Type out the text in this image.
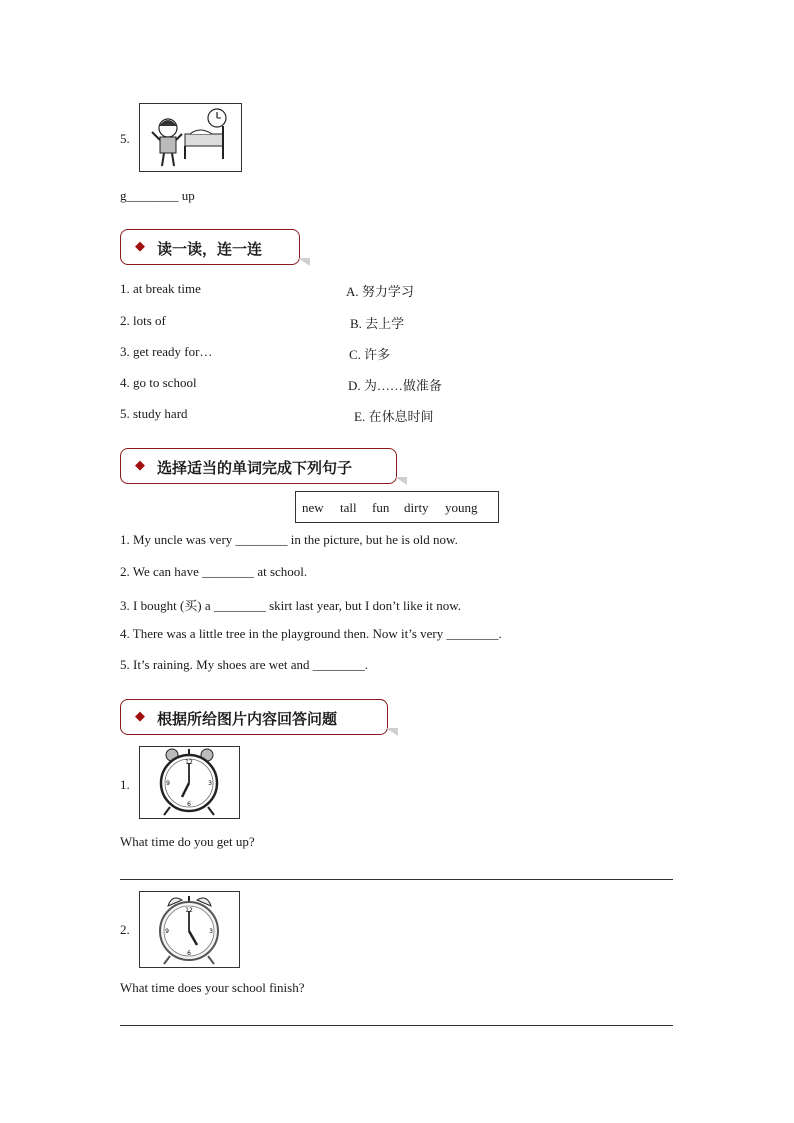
5.
g________ up
◆ 读一读，连一连
1. at break time
2. lots of
3. get ready for…
4. go to school
5. study hard
A. 努力学习
B. 去上学
C. 许多
D. 为……做准备
E. 在休息时间
◆ 选择适当的单词完成下列句子
new tall fun dirty young
1. My uncle was very ________ in the picture, but he is old now.
2. We can have ________ at school.
3. I bought (买) a ________ skirt last year, but I don’t like it now.
4. There was a little tree in the playground then. Now it’s very ________.
5. It’s raining. My shoes are wet and ________.
◆ 根据所给图片内容回答问题
1.
12
3
6
9
What time do you get up?
2.
12
3
6
9
What time does your school finish?
